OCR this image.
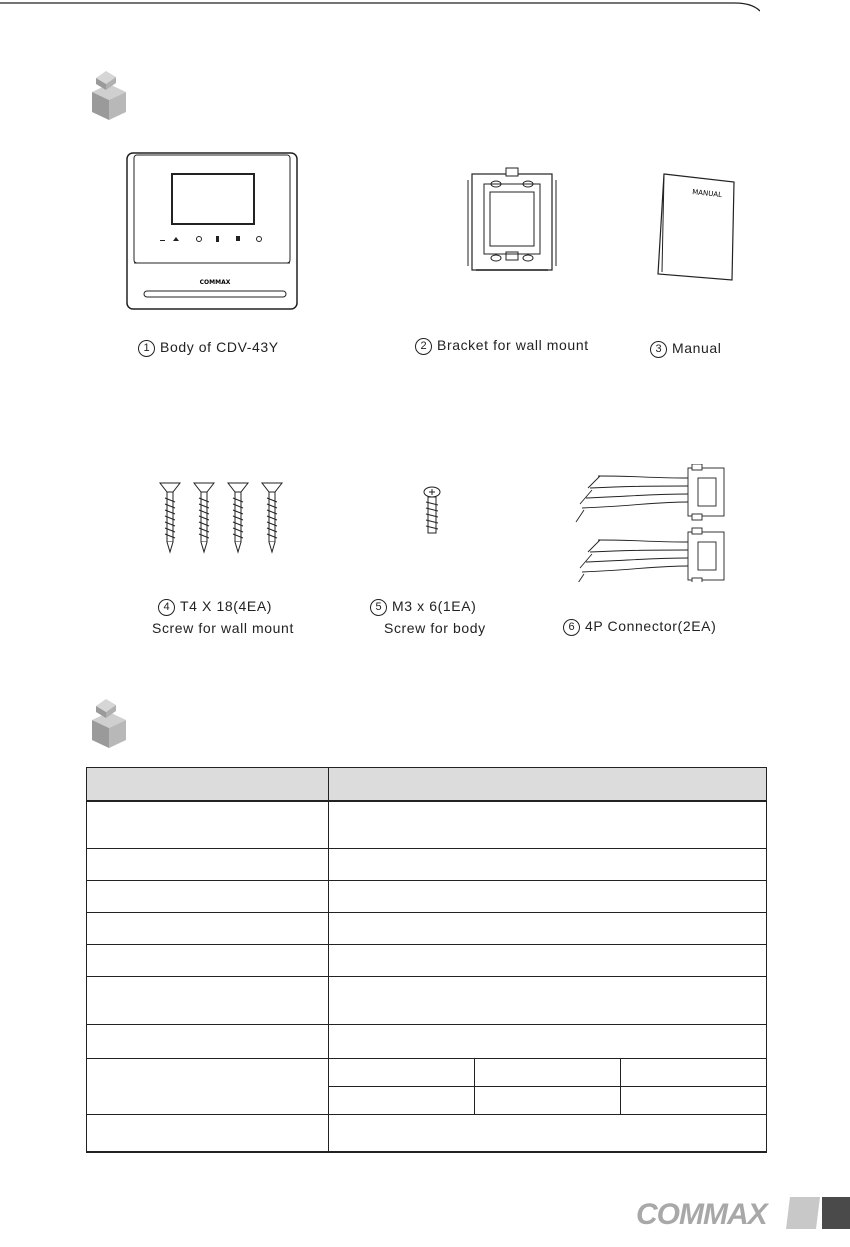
COMMAX
MANUAL
1 Body of CDV-43Y	2 Bracket for wall mount	3 Manual
4 T4 X 18(4EA)
Screw for wall mount
5 M3 x 6(1EA)
Screw for body	6 4P Connector(2EA)

COMMAX
